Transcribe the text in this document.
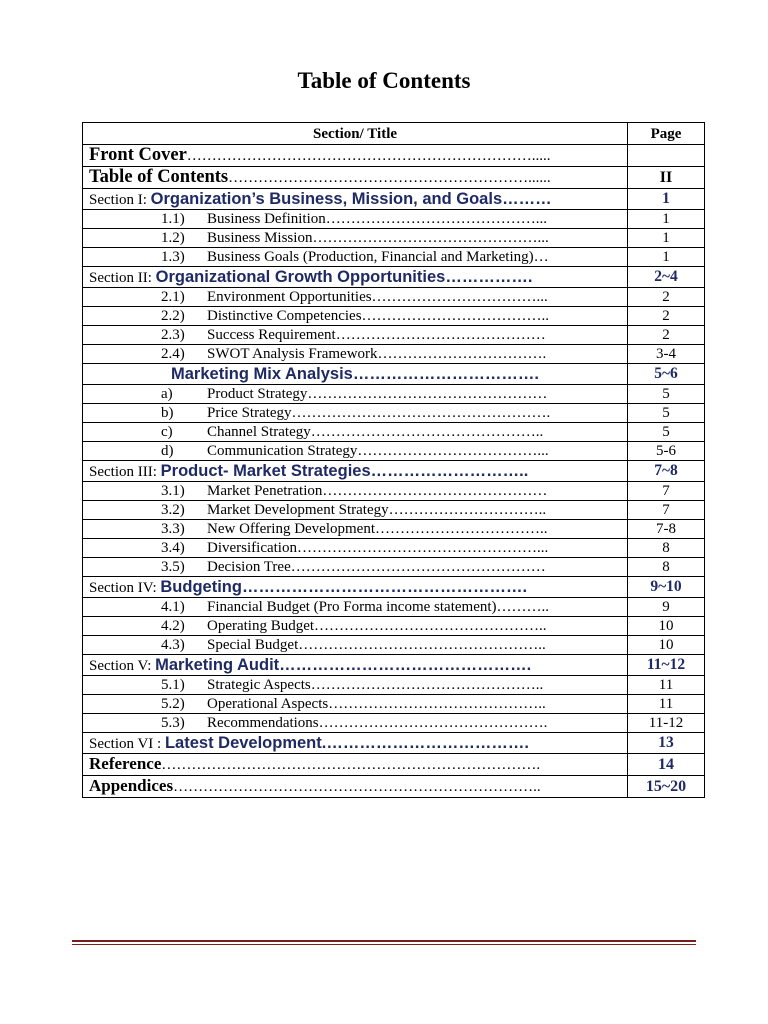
Table of Contents
Section/ Title	Page
Front Cover…………………………………………………………….....	
Table of Contents……………………………………………………......	II
Section I: Organization’s Business, Mission, and Goals………	1
1.1) Business Definition……………………………………...	1
1.2) Business Mission………………………………………...	1
1.3) Business Goals (Production, Financial and Marketing)…	1
Section II: Organizational Growth Opportunities…………….	2~4
2.1) Environment Opportunities……………………………...	2
2.2) Distinctive Competencies………………………………..	2
2.3) Success Requirement……………………………………	2
2.4) SWOT Analysis Framework…………………………….	3-4
Marketing Mix Analysis…………………………….	5~6
a) Product Strategy…………………………………………	5
b) Price Strategy…………………………………………….	5
c) Channel Strategy………………………………………..	5
d) Communication Strategy………………………………...	5-6
Section III: Product- Market Strategies………………………..	7~8
3.1) Market Penetration………………………………………	7
3.2) Market Development Strategy…………………………..	7
3.3) New Offering Development……………………………..	7-8
3.4) Diversification…………………………………………...	8
3.5) Decision Tree……………………………………………	8
Section IV: Budgeting…………………………………………….	9~10
4.1) Financial Budget (Pro Forma income statement)………..	9
4.2) Operating Budget………………………………………..	10
4.3) Special Budget…………………………………………..	10
Section V: Marketing Audit……………………………………….	11~12
5.1) Strategic Aspects………………………………………..	11
5.2) Operational Aspects……………………………………..	11
5.3) Recommendations……………………………………….	11-12
Section VI : Latest Development.……………………………….	13
Reference………………………………………………………………….	14
Appendices………………………………………………………………..	15~20
